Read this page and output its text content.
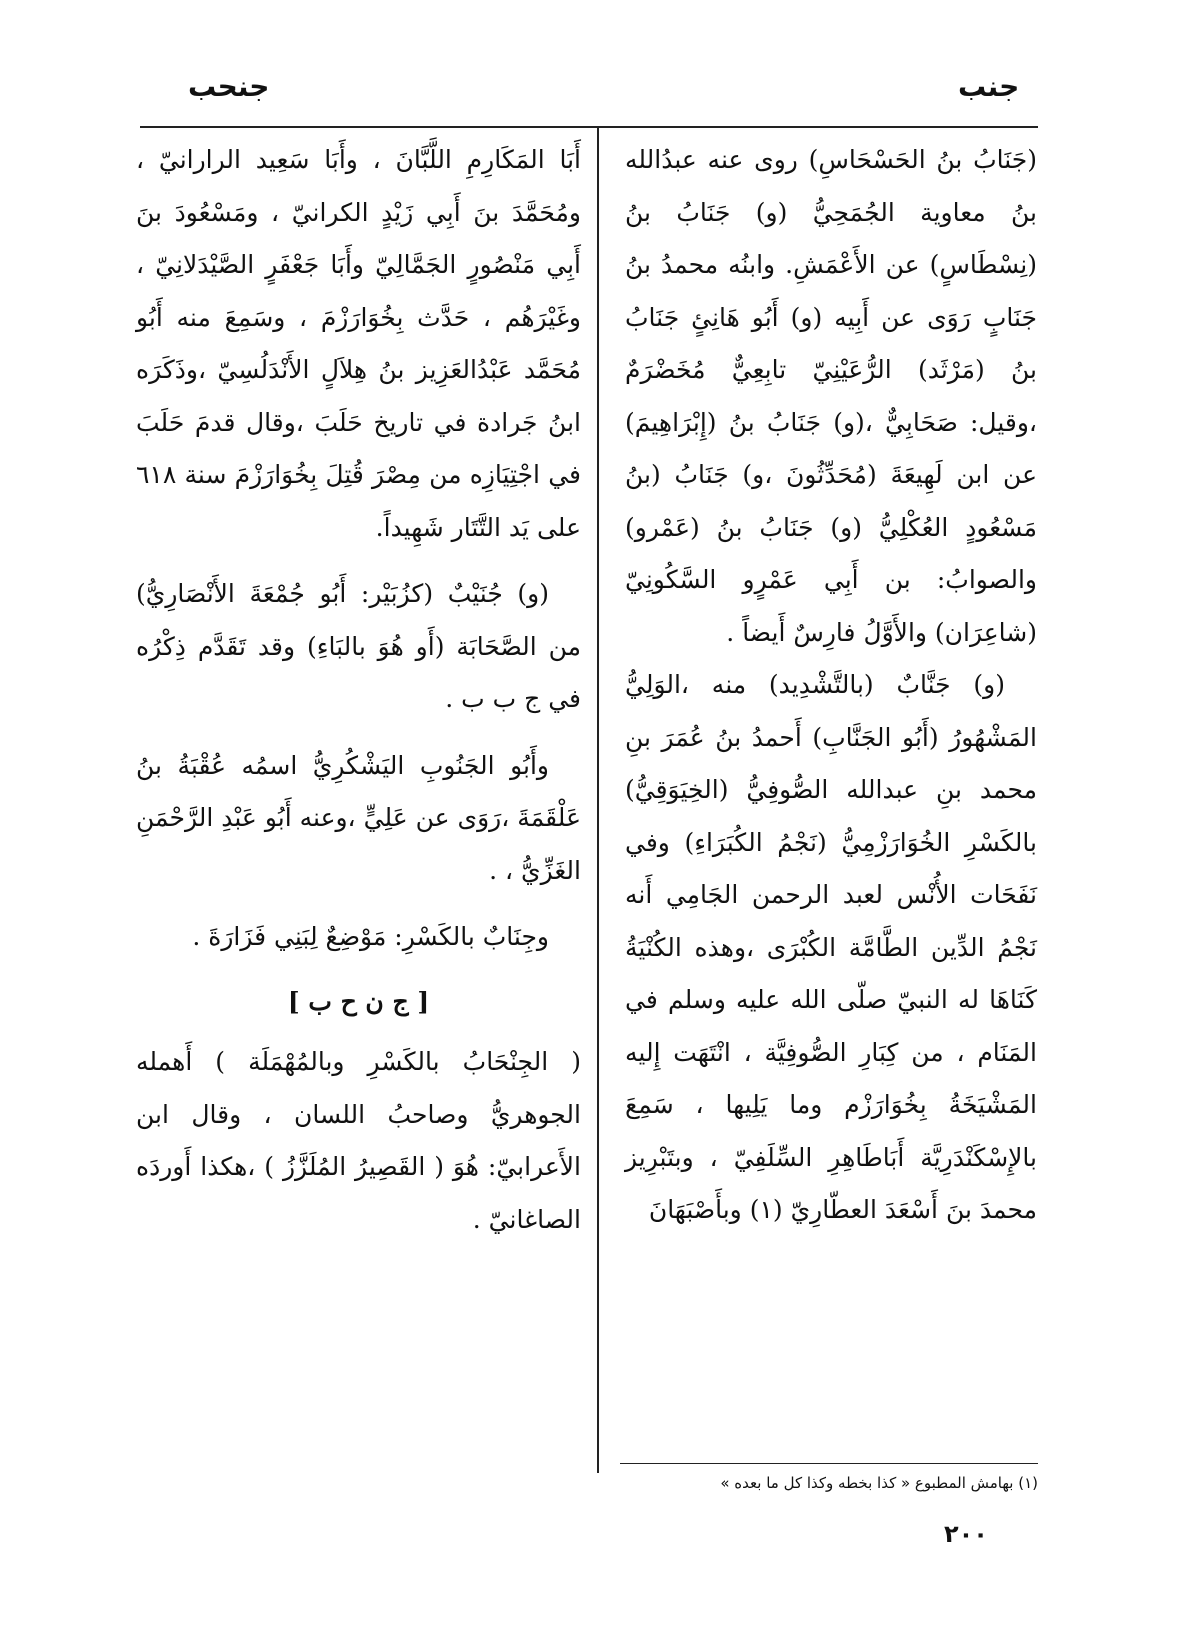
جنب
جنحب

(جَنَابُ بنُ الحَسْحَاسِ) روى عنه عبدُالله بنُ معاوية الجُمَحِيُّ (و) جَنَابُ بنُ (نِسْطَاسٍ) عن الأَعْمَشِ. وابنُه محمدُ بنُ جَنَابٍ رَوَى عن أَبِيه (و) أَبُو هَانِئٍ جَنَابُ بنُ (مَرْثَد) الرُّعَيْنِيّ تابِعِيٌّ مُخَضْرَمٌ ،وقيل: صَحَابِيٌّ ،(و) جَنَابُ بنُ (إِبْرَاهِيمَ) عن ابن لَهِيعَةَ (مُحَدِّثُونَ ،و) جَنَابُ (بنُ مَسْعُودٍ العُكْلِيُّ (و) جَنَابُ بنُ (عَمْرو) والصوابُ: بن أَبِي عَمْرٍو السَّكُونِيّ (شاعِرَان) والأَوَّلُ فارِسٌ أَيضاً .

(و) جَنَّابٌ (بالتَّشْدِيد) منه ،الوَلِيُّ المَشْهُورُ (أَبُو الجَنَّابِ) أَحمدُ بنُ عُمَرَ بنِ محمد بنِ عبدالله الصُّوفِيُّ (الخِيَوَقِيُّ) بالكَسْرِ الخُوَارَزْمِيُّ (نَجْمُ الكُبَرَاءِ) وفي نَفَحَات الأُنْس لعبد الرحمن الجَامِي أَنه نَجْمُ الدِّين الطَّامَّة الكُبْرَى ،وهذه الكُنْيَةُ كَنَاهَا له النبيّ صلّى الله عليه وسلم في المَنَام ، من كِبَارِ الصُّوفِيَّة ، انْتَهَت إِليه المَشْيَخَةُ بِخُوَارَزْم وما يَلِيها ، سَمِعَ بالإِسْكَنْدَرِيَّة أَبَاطَاهِرِ السِّلَفِيّ ، وبتَبْرِيز محمدَ بنَ أَسْعَدَ العطّارِيّ (١) وبأَصْبَهَانَ

أَبَا المَكَارِمِ اللَّبَّانَ ، وأَبَا سَعِيد الرارانيّ ، ومُحَمَّدَ بنَ أَبِي زَيْدٍ الكرانيّ ، ومَسْعُودَ بنَ أَبِي مَنْصُورٍ الجَمَّالِيّ وأَبَا جَعْفَرٍ الصَّيْدَلانِيّ ، وغَيْرَهُم ، حَدَّث بِخُوَارَزْمَ ، وسَمِعَ منه أَبُو مُحَمَّد عَبْدُالعَزِيز بنُ هِلاَلٍ الأَنْدَلُسِيّ ،وذَكَرَه ابنُ جَرادة في تاريخ حَلَبَ ،وقال قدمَ حَلَبَ في اجْتِيَازِه من مِصْرَ قُتِلَ بِخُوَارَزْمَ سنة ٦١٨ على يَد التَّتَار شَهِيداً.

(و) جُنَيْبٌ (كزُبَيْر: أَبُو جُمْعَةَ الأَنْصَارِيُّ) من الصَّحَابَة (أَو هُوَ بالبَاءِ) وقد تَقَدَّم ذِكْرُه في ج ب ب .

وأَبُو الجَنُوبِ اليَشْكُرِيُّ اسمُه عُقْبَةُ بنُ عَلْقَمَةَ ،رَوَى عن عَلِيٍّ ،وعنه أَبُو عَبْدِ الرَّحْمَنِ الغَزِّيُّ ، .

وجِنَابٌ بالكَسْرِ: مَوْضِعٌ لِبَنِي فَزَارَةَ .

[ ج ن ح ب ]

( الجِنْحَابُ بالكَسْرِ وبالمُهْمَلَة ) أَهمله الجوهريُّ وصاحبُ اللسان ، وقال ابن الأَعرابيّ: هُوَ ( القَصِيرُ المُلَزَّزُ ) ،هكذا أَوردَه الصاغانيّ .

(١) بهامش المطبوع « كذا بخطه وكذا كل ما بعده »
٢٠٠
